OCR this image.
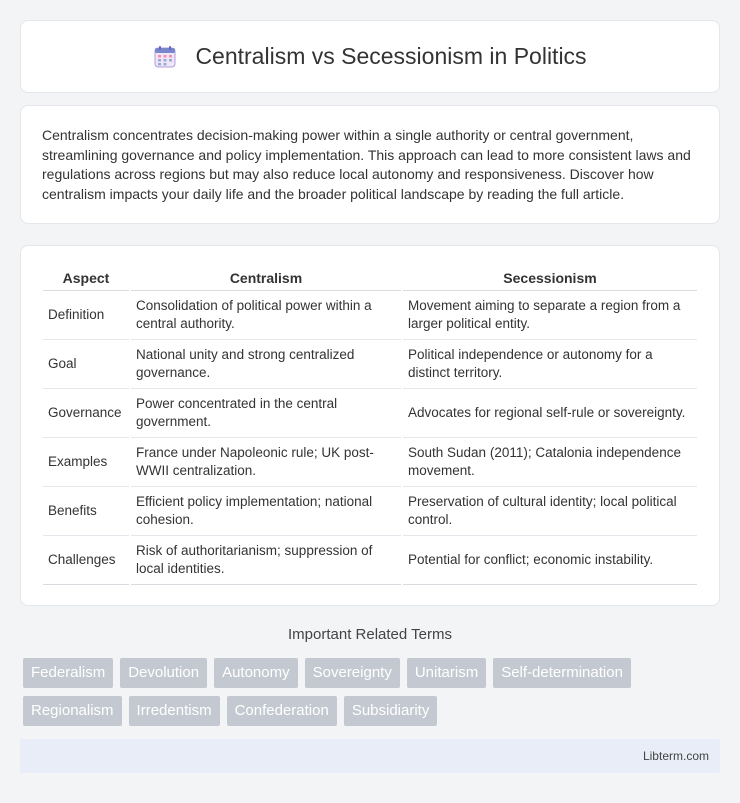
Centralism vs Secessionism in Politics

Centralism concentrates decision-making power within a single authority or central government, streamlining governance and policy implementation. This approach can lead to more consistent laws and regulations across regions but may also reduce local autonomy and responsiveness. Discover how centralism impacts your daily life and the broader political landscape by reading the full article.

Aspect	Centralism	Secessionism
Definition	Consolidation of political power within a central authority.	Movement aiming to separate a region from a larger political entity.
Goal	National unity and strong centralized governance.	Political independence or autonomy for a distinct territory.
Governance	Power concentrated in the central government.	Advocates for regional self-rule or sovereignty.
Examples	France under Napoleonic rule; UK post-WWII centralization.	South Sudan (2011); Catalonia independence movement.
Benefits	Efficient policy implementation; national cohesion.	Preservation of cultural identity; local political control.
Challenges	Risk of authoritarianism; suppression of local identities.	Potential for conflict; economic instability.
Important Related Terms
Federalism	Devolution	Autonomy	Sovereignty	Unitarism	Self-determination
Regionalism	Irredentism	Confederation	Subsidiarity
Libterm.com
